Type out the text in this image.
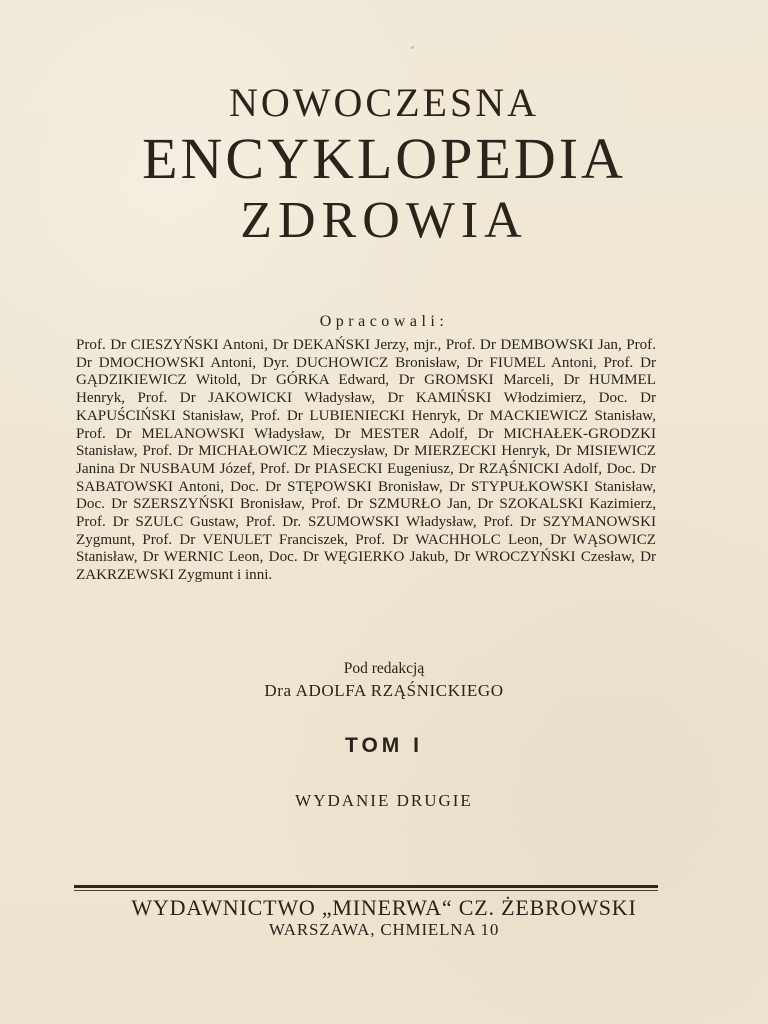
NOWOCZESNA
ENCYKLOPEDIA
ZDROWIA
Opracowali:

Prof. Dr CIESZYŃSKI Antoni, Dr DEKAŃSKI Jerzy, mjr., Prof. Dr DEMBOWSKI Jan, Prof. Dr DMOCHOWSKI Antoni, Dyr. DUCHOWICZ Bronisław, Dr FIUMEL Antoni, Prof. Dr GĄDZIKIEWICZ Witold, Dr GÓRKA Edward, Dr GROMSKI Marceli, Dr HUMMEL Henryk, Prof. Dr JAKOWICKI Władysław, Dr KAMIŃSKI Włodzimierz, Doc. Dr KAPUŚCIŃSKI Stanisław, Prof. Dr LUBIENIECKI Henryk, Dr MACKIEWICZ Stanisław, Prof. Dr MELANOWSKI Władysław, Dr MESTER Adolf, Dr MICHAŁEK-GRODZKI Stanisław, Prof. Dr MICHAŁOWICZ Mieczysław, Dr MIERZECKI Henryk, Dr MISIEWICZ Janina Dr NUSBAUM Józef, Prof. Dr PIASECKI Eugeniusz, Dr RZĄŚNICKI Adolf, Doc. Dr SABATOWSKI Antoni, Doc. Dr STĘPOWSKI Bronisław, Dr STYPUŁKOWSKI Stanisław, Doc. Dr SZERSZYŃSKI Bronisław, Prof. Dr SZMURŁO Jan, Dr SZOKALSKI Kazimierz, Prof. Dr SZULC Gustaw, Prof. Dr. SZUMOWSKI Władysław, Prof. Dr SZYMANOWSKI Zygmunt, Prof. Dr VENULET Franciszek, Prof. Dr WACHHOLC Leon, Dr WĄSOWICZ Stanisław, Dr WERNIC Leon, Doc. Dr WĘGIERKO Jakub, Dr WROCZYŃSKI Czesław, Dr ZAKRZEWSKI Zygmunt i inni.

Pod redakcją
Dra ADOLFA RZĄŚNICKIEGO
TOM I
WYDANIE DRUGIE
WYDAWNICTWO „MINERWA“ CZ. ŻEBROWSKI
WARSZAWA, CHMIELNA 10
